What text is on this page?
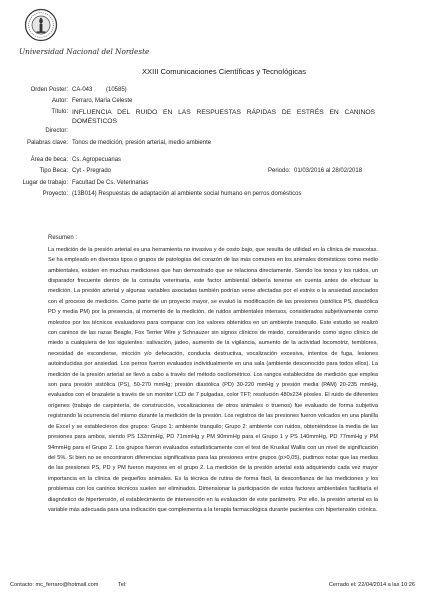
Universidad Nacional del Nordeste
XXIII Comunicaciones Científicas y Tecnológicas
Orden Poster: CA-043 (10585)
Autor: Ferraro, María Celeste
Título: INFLUENCIA DEL RUIDO EN LAS RESPUESTAS RÁPIDAS DE ESTRÉS EN CANINOS DOMÉSTICOS
Director:
Palabras clave: Tonos de medición, presión arterial, medio ambiente
Área de beca: Cs. Agropecuarias
Tipo Beca: Cyt - Pregrado	Periodo: 01/03/2016 al 28/02/2018
Lugar de trabajo: Facultad De Cs. Veterinarias
Proyecto: (13B014) Respuestas de adaptación al ambiente social humano en perros domésticos
Resumen :
La medición de la presión arterial es una herramienta no invasiva y de costo bajo, que resulta de utilidad en la clínica de mascotas. Se ha empleado en diversos tipos o grupos de patologías del corazón de las más comunes en los animales domésticos como medio ambientales, existen en muchas mediciones que han demostrado que se relaciona directamente. Siendo los tonos y los ruidos, un disparador frecuente dentro de la consulta veterinaria, este factor ambiental debería tenerse en cuenta antes de efectuar la medición. La presión arterial y algunas variables asociadas también podrían verse afectadas por el estrés o la ansiedad asociados con el proceso de medición. Como parte de un proyecto mayor, se evaluó la modificación de las presiones (sistólica PS, diastólica PD y media PM) por la presencia, al momento de la medición, de ruidos ambientales intensos, considerados subjetivamente como molestos por los técnicos evaluadores para comparar con los valores obtenidos en un ambiente tranquilo. Este estudio se realizó con caninos de las razas Beagle, Fox Terrier Wire y Schnauzer sin signos clínicos de miedo, considerando como signo clínico de miedo a cualquiera de los siguientes: salivación, jadeo, aumento de la vigilancia, aumento de la actividad locomotriz, temblores, necesidad de esconderse, micción y/o defecación, conducta destructiva, vocalización excesiva, intentos de fuga, lesiones autoinducidas por ansiedad. Los perros fueron evaluados individualmente en una sala (ambiente desconocido para todos ellos). La medición de la presión arterial se llevó a cabo a través del método oscilométrico. Los rangos establecidos de medición que emplea son para presión sistólica (PS), 50-270 mmHg; presión diastólica (PD) 30-220 mmHg y presión media (PAM) 20-235 mmHg, evaluados con el brazalete a través de un monitor LCD de 7 pulgadas, color TFT; resolución 480x234 píxeles. El ruido de diferentes orígenes (trabajo de carpintería, de construcción, vocalizaciones de otros animales o truenos) fue evaluado de forma subjetiva registrando la ocurrencia del mismo durante la medición de la presión. Los registros de las presiones fueron volcados en una planilla de Excel y se establecieron dos grupos: Grupo 1: ambiente tranquilo; Grupo 2: ambiente con ruidos, obteniéndose la media de las presiones para ambos, siendo PS 132mmHg, PD 71mmHg y PM 90mmHg para el Grupo 1 y PS 140mmHg, PD 77mmHg y PM 94mmHg para el Grupo 2. Los grupos fueron evaluados estadísticamente con el test de Kruskal Wallis con un nivel de significación del 5%. Si bien no se encontraron diferencias significativas para las presiones entre grupos (p>0,05), pudimos notar que las medias de las presiones PS, PD y PM fueron mayores en el grupo 2. La medición de la presión arterial está adquiriendo cada vez mayor importancia en la clínica de pequeños animales. Es la técnica de rutina de forma fácil, la desconfianza de las mediciones y los problemas con los caninos técnicos suelen ser eliminados. Dimensionar la participación de estos factores ambientales facilitaría el diagnóstico de hipertensión, el establecimiento de intervención en la evaluación de este parámetro. Por ello, la presión arterial es la variable más adecuada para una indicación que complementa a la terapia farmacológica durante pacientes con hipertensión crónica.
Contacto: mc_ferraro@hotmail.com	Tel:	Cerrado el: 22/04/2014 a las 10:26
